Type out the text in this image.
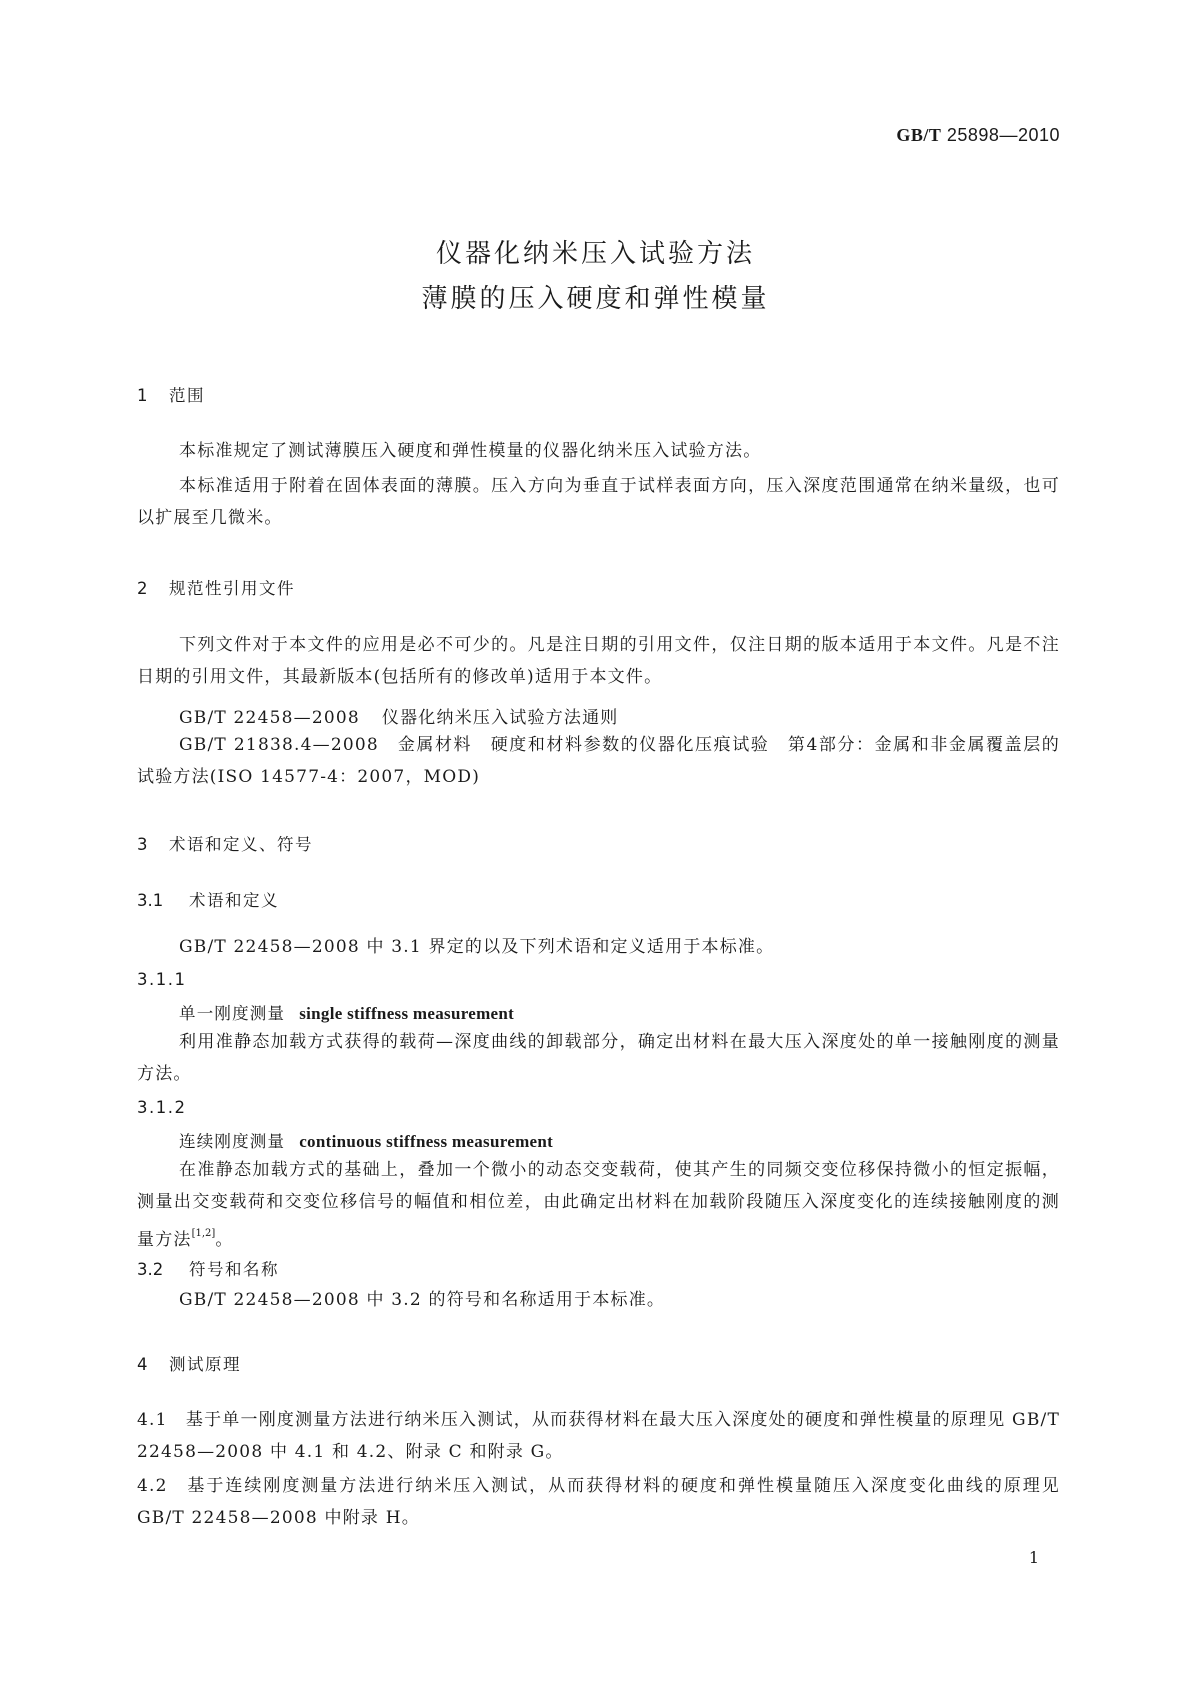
GB/T 25898—2010
仪器化纳米压入试验方法
薄膜的压入硬度和弹性模量
1 范围
本标准规定了测试薄膜压入硬度和弹性模量的仪器化纳米压入试验方法。
本标准适用于附着在固体表面的薄膜。压入方向为垂直于试样表面方向，压入深度范围通常在纳米量级，也可以扩展至几微米。
2 规范性引用文件
下列文件对于本文件的应用是必不可少的。凡是注日期的引用文件，仅注日期的版本适用于本文件。凡是不注日期的引用文件，其最新版本(包括所有的修改单)适用于本文件。
GB/T 22458—2008 仪器化纳米压入试验方法通则
GB/T 21838.4—2008　金属材料　硬度和材料参数的仪器化压痕试验　第4部分：金属和非金属覆盖层的试验方法(ISO 14577-4：2007，MOD)
3 术语和定义、符号
3.1 术语和定义
GB/T 22458—2008 中 3.1 界定的以及下列术语和定义适用于本标准。
3.1.1
单一刚度测量 single stiffness measurement
利用准静态加载方式获得的载荷—深度曲线的卸载部分，确定出材料在最大压入深度处的单一接触刚度的测量方法。
3.1.2
连续刚度测量 continuous stiffness measurement
在准静态加载方式的基础上，叠加一个微小的动态交变载荷，使其产生的同频交变位移保持微小的恒定振幅，测量出交变载荷和交变位移信号的幅值和相位差，由此确定出材料在加载阶段随压入深度变化的连续接触刚度的测量方法[1,2]。
3.2 符号和名称
GB/T 22458—2008 中 3.2 的符号和名称适用于本标准。
4 测试原理
4.1　基于单一刚度测量方法进行纳米压入测试，从而获得材料在最大压入深度处的硬度和弹性模量的原理见 GB/T 22458—2008 中 4.1 和 4.2、附录 C 和附录 G。
4.2　基于连续刚度测量方法进行纳米压入测试，从而获得材料的硬度和弹性模量随压入深度变化曲线的原理见 GB/T 22458—2008 中附录 H。
1
